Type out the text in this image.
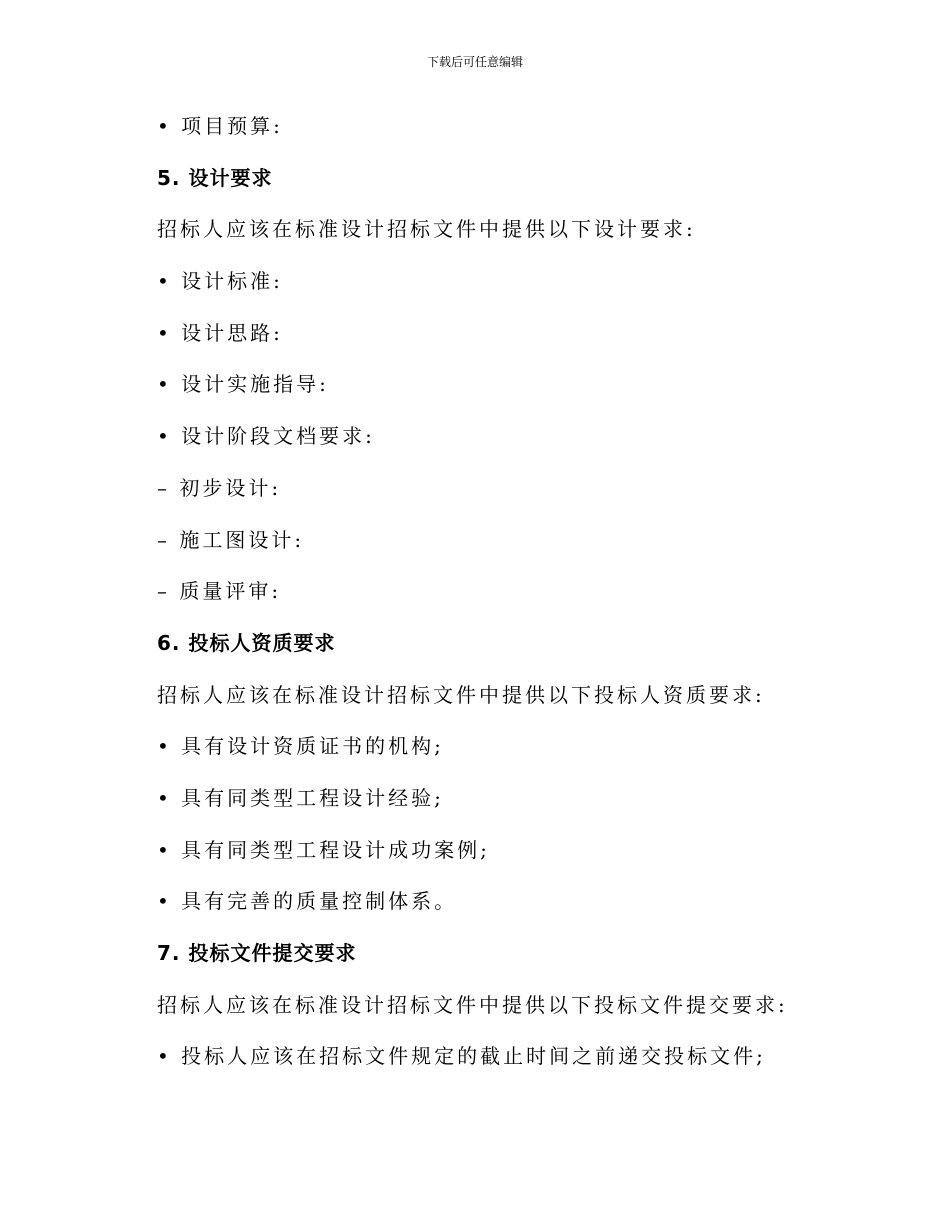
下载后可任意编辑
• 项目预算:
5. 设计要求
招标人应该在标准设计招标文件中提供以下设计要求:
• 设计标准:
• 设计思路:
• 设计实施指导:
• 设计阶段文档要求:
– 初步设计:
– 施工图设计:
– 质量评审:
6. 投标人资质要求
招标人应该在标准设计招标文件中提供以下投标人资质要求:
• 具有设计资质证书的机构;
• 具有同类型工程设计经验;
• 具有同类型工程设计成功案例;
• 具有完善的质量控制体系。
7. 投标文件提交要求
招标人应该在标准设计招标文件中提供以下投标文件提交要求:
• 投标人应该在招标文件规定的截止时间之前递交投标文件;
